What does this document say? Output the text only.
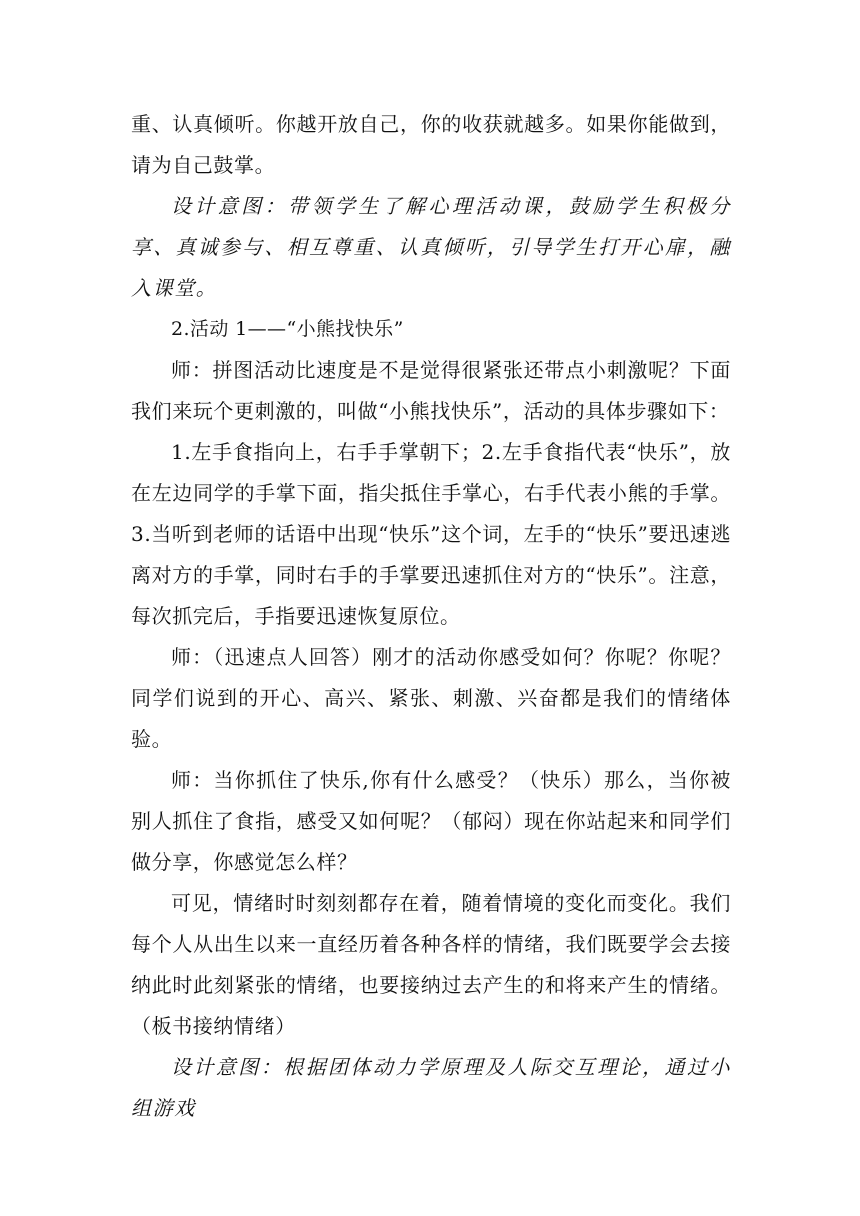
重、认真倾听。你越开放自己，你的收获就越多。如果你能做到，请为自己鼓掌。

设计意图：带领学生了解心理活动课，鼓励学生积极分享、真诚参与、相互尊重、认真倾听，引导学生打开心扉，融入课堂。

2.活动 1——“小熊找快乐”

师：拼图活动比速度是不是觉得很紧张还带点小刺激呢？下面我们来玩个更刺激的，叫做“小熊找快乐”，活动的具体步骤如下：

1.左手食指向上，右手手掌朝下；2.左手食指代表“快乐”，放在左边同学的手掌下面，指尖抵住手掌心，右手代表小熊的手掌。3.当听到老师的话语中出现“快乐”这个词，左手的“快乐”要迅速逃离对方的手掌，同时右手的手掌要迅速抓住对方的“快乐”。注意，每次抓完后，手指要迅速恢复原位。

师：（迅速点人回答）刚才的活动你感受如何？你呢？你呢？同学们说到的开心、高兴、紧张、刺激、兴奋都是我们的情绪体验。

师：当你抓住了快乐,你有什么感受？（快乐）那么，当你被别人抓住了食指，感受又如何呢？（郁闷）现在你站起来和同学们做分享，你感觉怎么样？

可见，情绪时时刻刻都存在着，随着情境的变化而变化。我们每个人从出生以来一直经历着各种各样的情绪，我们既要学会去接纳此时此刻紧张的情绪，也要接纳过去产生的和将来产生的情绪。（板书接纳情绪）

设计意图：根据团体动力学原理及人际交互理论，通过小组游戏
